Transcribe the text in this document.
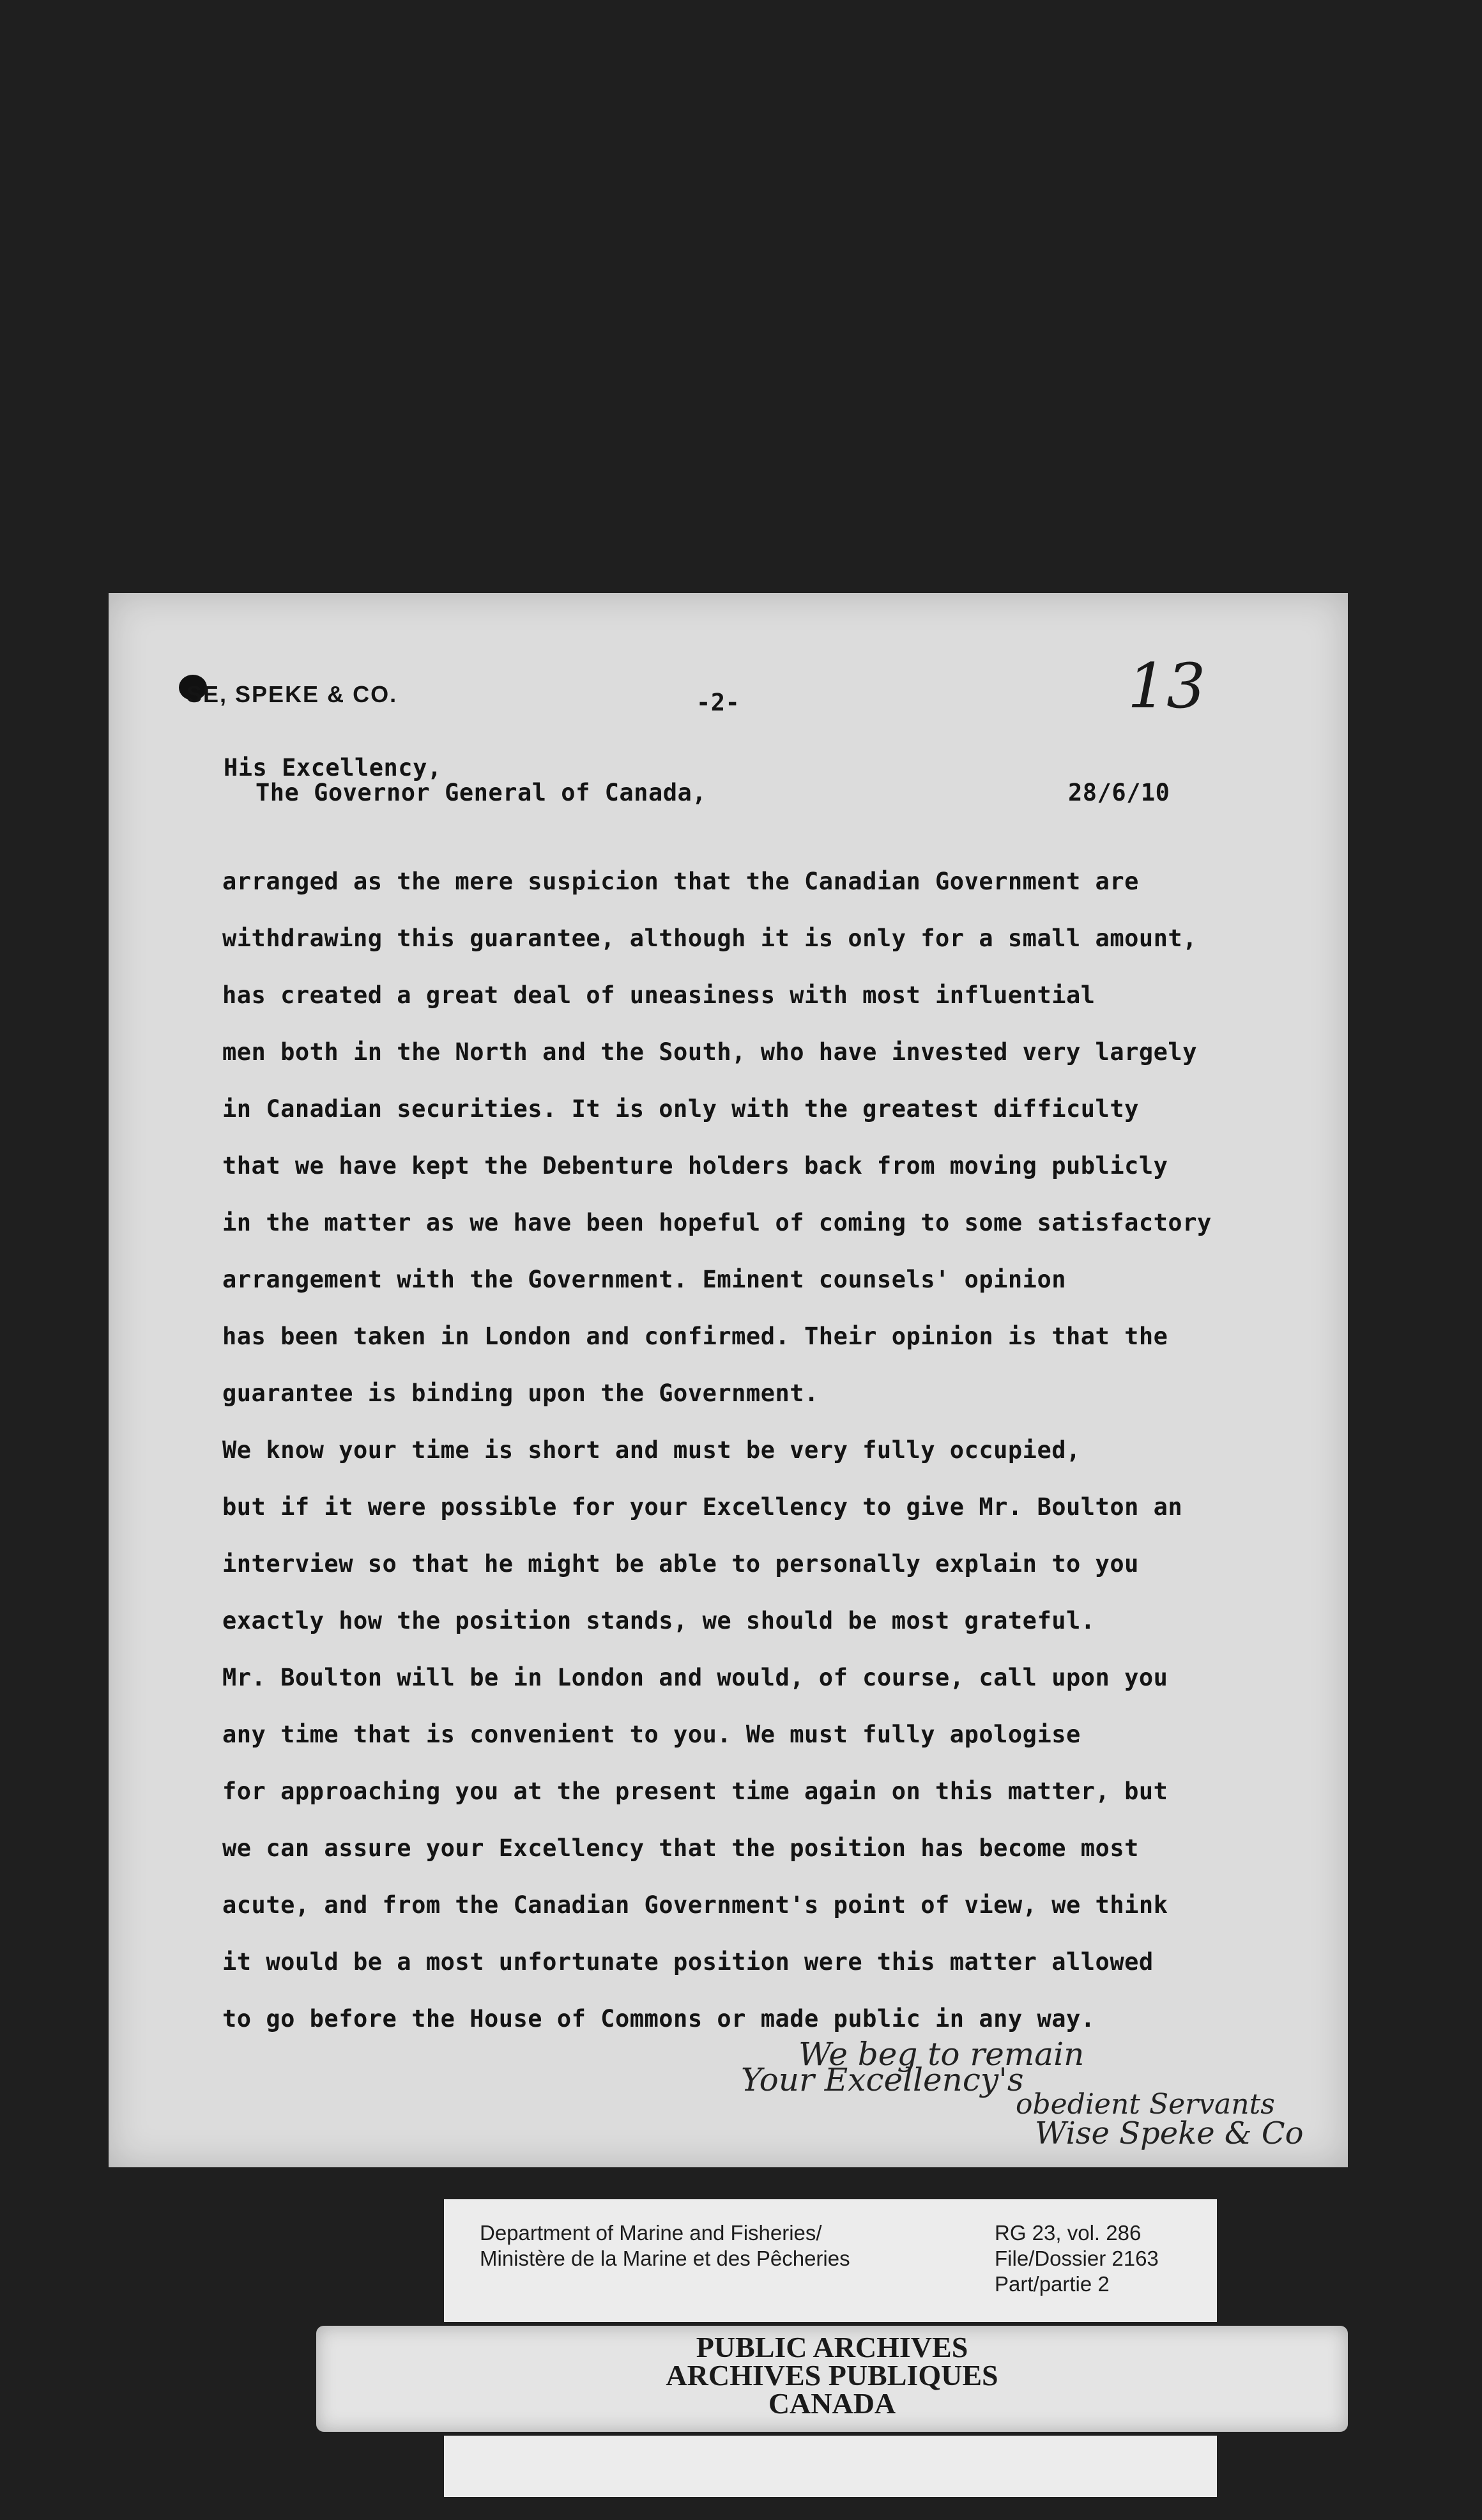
SE, SPEKE & CO.	-2-	13
His Excellency,
The Governor General of Canada,	28/6/10
arranged as the mere suspicion that the Canadian Government are
withdrawing this guarantee, although it is only for a small amount,
has created a great deal of uneasiness with most influential
men both in the North and the South, who have invested very largely
in Canadian securities. It is only with the greatest difficulty
that we have kept the Debenture holders back from moving publicly
in the matter as we have been hopeful of coming to some satisfactory
arrangement with the Government. Eminent counsels' opinion
has been taken in London and confirmed. Their opinion is that the
guarantee is binding upon the Government.
We know your time is short and must be very fully occupied,
but if it were possible for your Excellency to give Mr. Boulton an
interview so that he might be able to personally explain to you
exactly how the position stands, we should be most grateful.
Mr. Boulton will be in London and would, of course, call upon you
any time that is convenient to you. We must fully apologise
for approaching you at the present time again on this matter, but
we can assure your Excellency that the position has become most
acute, and from the Canadian Government's point of view, we think
it would be a most unfortunate position were this matter allowed
to go before the House of Commons or made public in any way.
We beg to remain
Your Excellency's
obedient Servants
Wise Speke & Co
Department of Marine and Fisheries/
Ministère de la Marine et des Pêcheries
RG 23, vol. 286
File/Dossier 2163
Part/partie 2
PUBLIC ARCHIVES
ARCHIVES PUBLIQUES
CANADA
